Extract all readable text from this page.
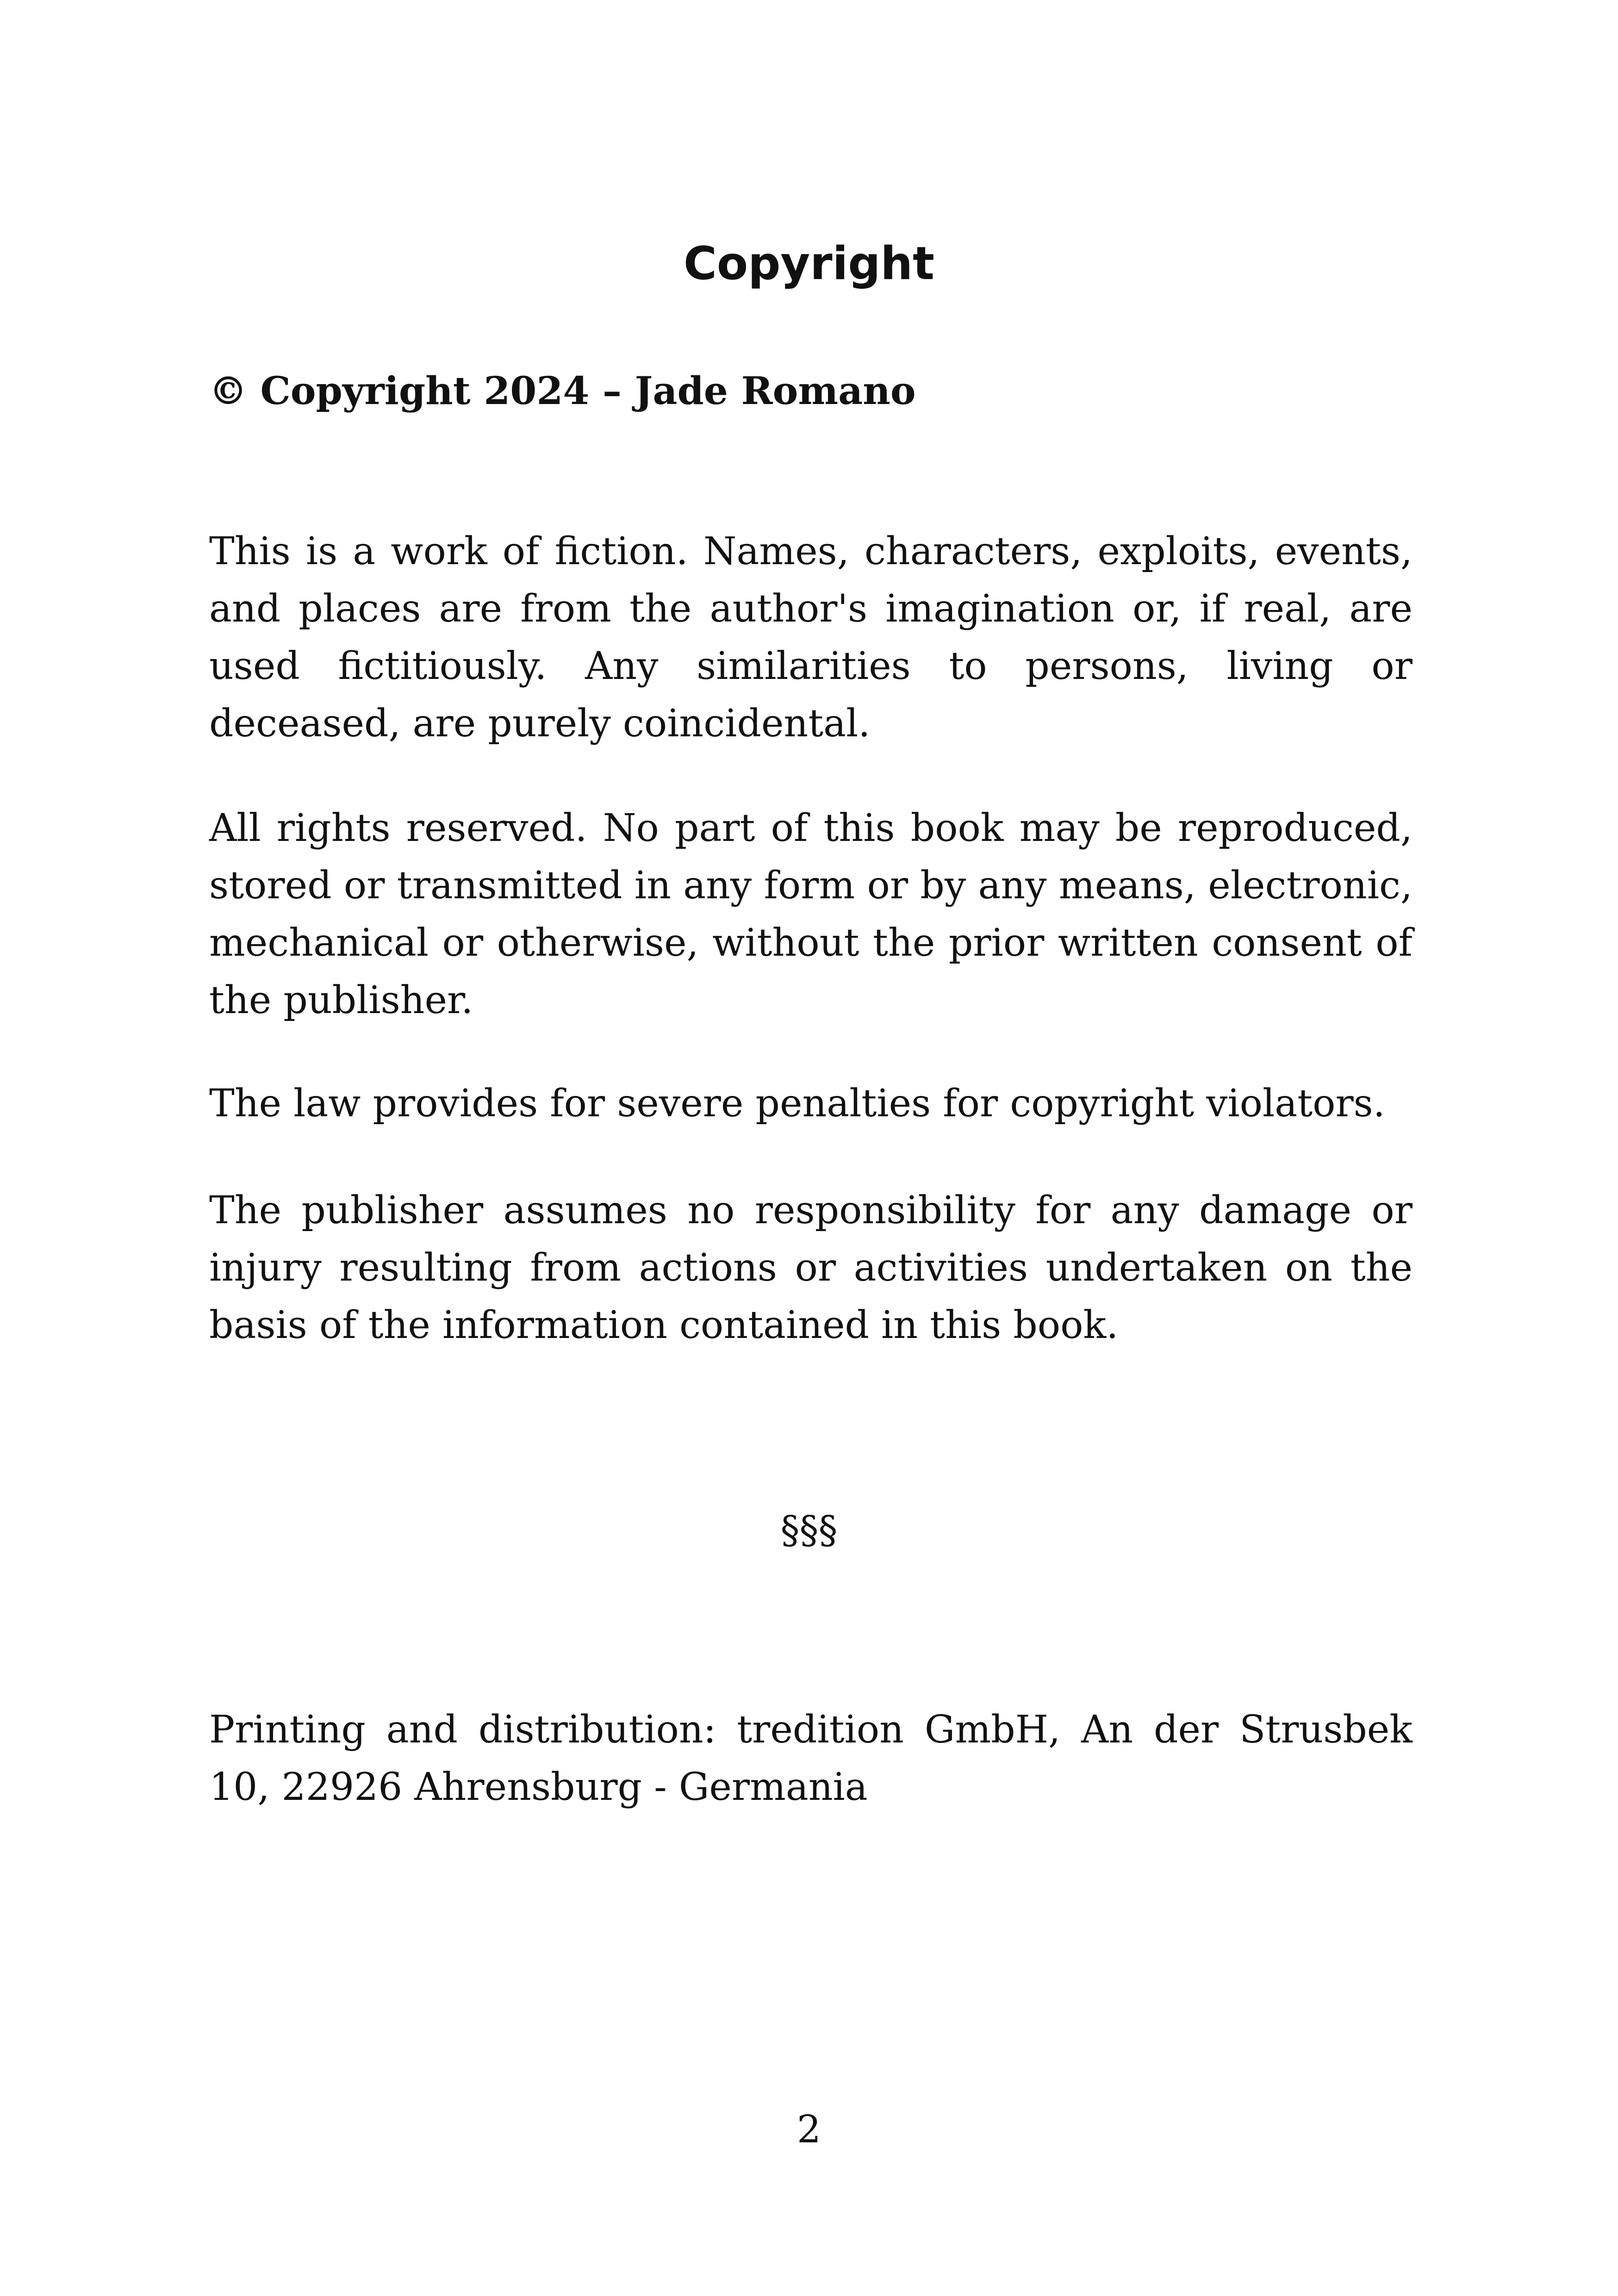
Copyright

© Copyright 2024 – Jade Romano

This is a work of fiction. Names, characters, exploits, events, and places are from the author's imagination or, if real, are used fictitiously. Any similarities to persons, living or deceased, are purely coincidental.

All rights reserved. No part of this book may be reproduced, stored or transmitted in any form or by any means, electronic, mechanical or otherwise, without the prior written consent of the publisher.

The law provides for severe penalties for copyright violators.

The publisher assumes no responsibility for any damage or injury resulting from actions or activities undertaken on the basis of the information contained in this book.

§§§

Printing and distribution: tredition GmbH, An der Strusbek 10, 22926 Ahrensburg - Germania

2
